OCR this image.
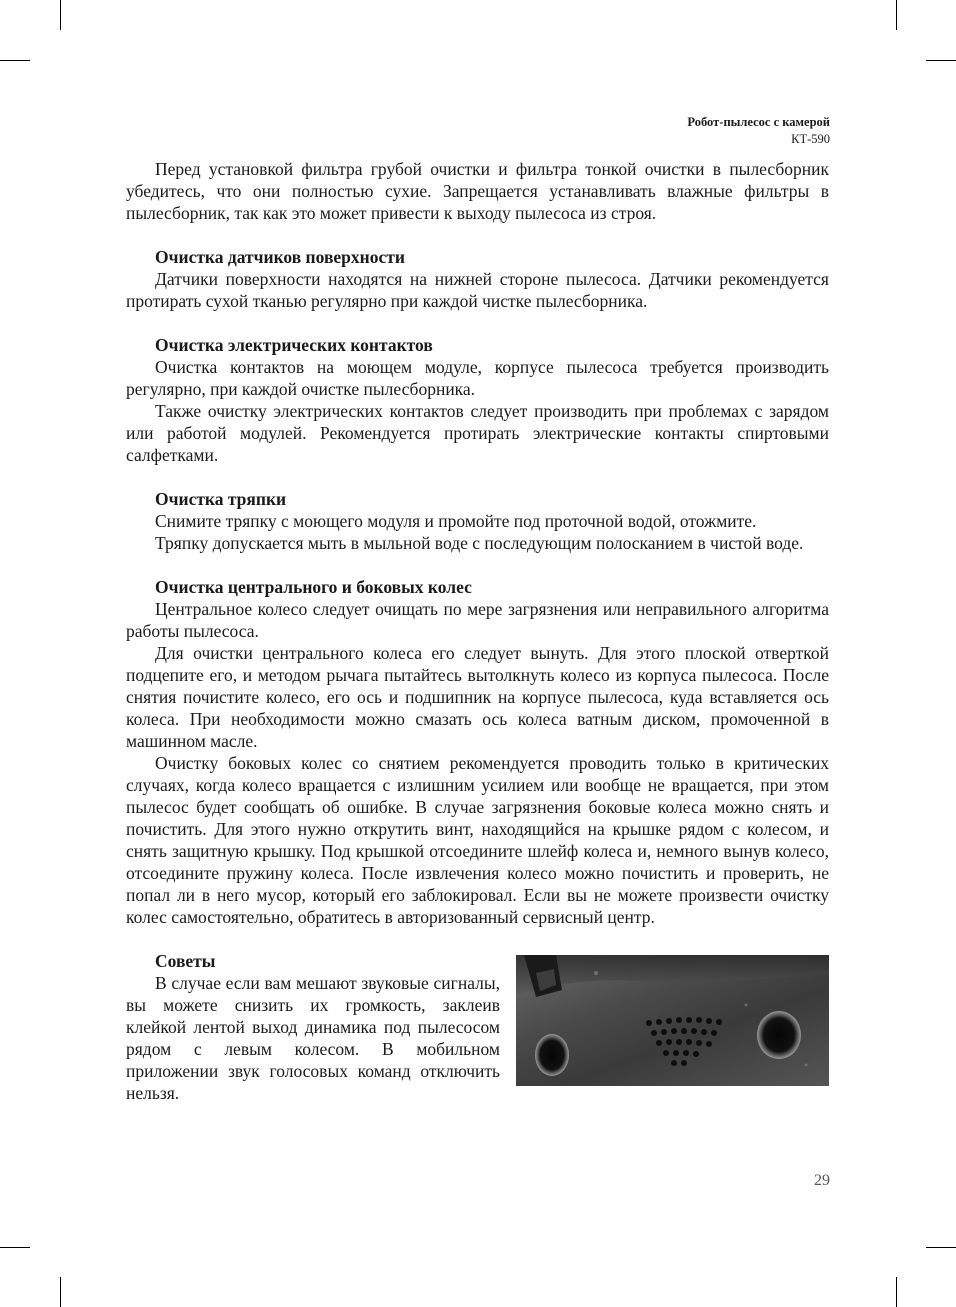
Робот-пылесос с камерой
КТ-590

Перед установкой фильтра грубой очистки и фильтра тонкой очистки в пылесборник убедитесь, что они полностью сухие. Запрещается устанавливать влажные фильтры в пылесборник, так как это может привести к выходу пылесоса из строя.

Очистка датчиков поверхности

Датчики поверхности находятся на нижней стороне пылесоса. Датчики рекомендуется протирать сухой тканью регулярно при каждой чистке пылесборника.

Очистка электрических контактов

Очистка контактов на моющем модуле, корпусе пылесоса требуется производить регулярно, при каждой очистке пылесборника.

Также очистку электрических контактов следует производить при проблемах с зарядом или работой модулей. Рекомендуется протирать электрические контакты спиртовыми салфетками.

Очистка тряпки

Снимите тряпку с моющего модуля и промойте под проточной водой, отожмите.

Тряпку допускается мыть в мыльной воде с последующим полосканием в чистой воде.

Очистка центрального и боковых колес

Центральное колесо следует очищать по мере загрязнения или неправильного алгоритма работы пылесоса.

Для очистки центрального колеса его следует вынуть. Для этого плоской отверткой подцепите его, и методом рычага пытайтесь вытолкнуть колесо из корпуса пылесоса. После снятия почистите колесо, его ось и подшипник на корпусе пылесоса, куда вставляется ось колеса. При необходимости можно смазать ось колеса ватным диском, промоченной в машинном масле.

Очистку боковых колес со снятием рекомендуется проводить только в критических случаях, когда колесо вращается с излишним усилием или вообще не вращается, при этом пылесос будет сообщать об ошибке. В случае загрязнения боковые колеса можно снять и почистить. Для этого нужно открутить винт, находящийся на крышке рядом с колесом, и снять защитную крышку. Под крышкой отсоедините шлейф колеса и, немного вынув колесо, отсоедините пружину колеса. После извлечения колесо можно почистить и проверить, не попал ли в него мусор, который его заблокировал. Если вы не можете произвести очистку колес самостоятельно, обратитесь в авторизованный сервисный центр.

Советы

В случае если вам мешают звуковые сигналы, вы можете снизить их громкость, заклеив клейкой лентой выход динамика под пылесосом рядом с левым колесом. В мобильном приложении звук голосовых команд отключить нельзя.

29
